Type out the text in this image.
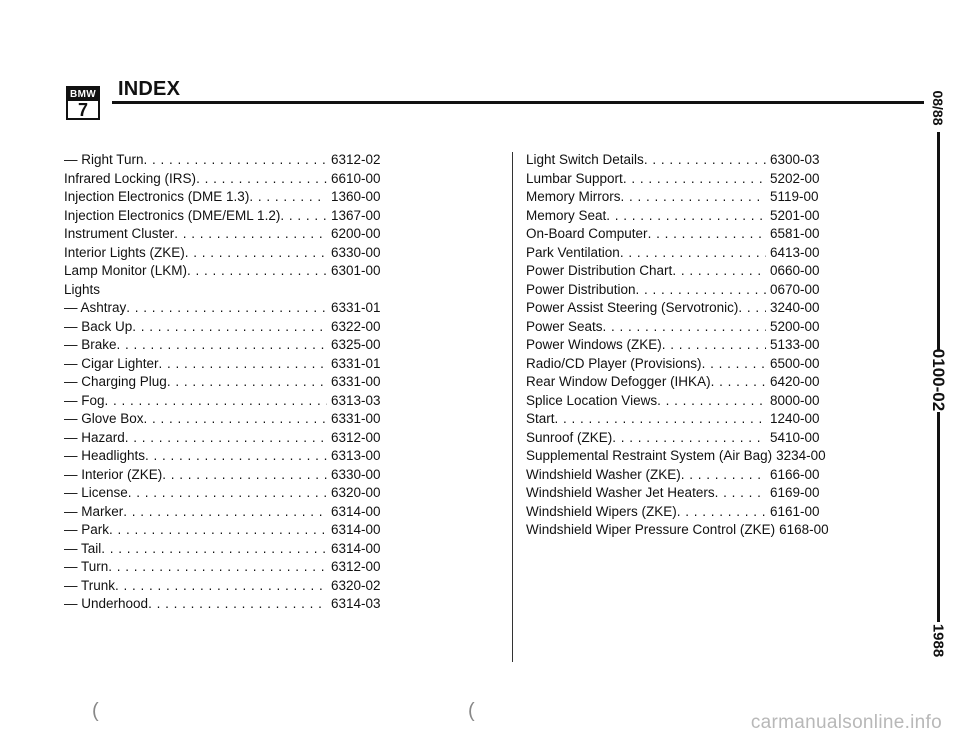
BMW
7
INDEX
— Right Turn . . .	6312-02
Infrared Locking (IRS) . . .	6610-00
Injection Electronics (DME 1.3) . . .	1360-00
Injection Electronics (DME/EML 1.2) . . .	1367-00
Instrument Cluster . . .	6200-00
Interior Lights (ZKE) . . .	6330-00
Lamp Monitor (LKM) . . .	6301-00
Lights
— Ashtray . . .	6331-01
— Back Up . . .	6322-00
— Brake . . .	6325-00
— Cigar Lighter . . .	6331-01
— Charging Plug . . .	6331-00
— Fog . . .	6313-03
— Glove Box . . .	6331-00
— Hazard . . .	6312-00
— Headlights . . .	6313-00
— Interior (ZKE) . . .	6330-00
— License . . .	6320-00
— Marker . . .	6314-00
— Park . . .	6314-00
— Tail . . .	6314-00
— Turn . . .	6312-00
— Trunk . . .	6320-02
— Underhood . . .	6314-03
Light Switch Details . . .	6300-03
Lumbar Support . . .	5202-00
Memory Mirrors . . .	5119-00
Memory Seat . . .	5201-00
On-Board Computer . . .	6581-00
Park Ventilation . . .	6413-00
Power Distribution Chart . . .	0660-00
Power Distribution . . .	0670-00
Power Assist Steering (Servotronic) . . . 3240-00
Power Seats . . .	5200-00
Power Windows (ZKE) . . .	5133-00
Radio/CD Player (Provisions) . . .	6500-00
Rear Window Defogger (IHKA) . . .	6420-00
Splice Location Views . . .	8000-00
Start . . .	1240-00
Sunroof (ZKE) . . .	5410-00
Supplemental Restraint System (Air Bag) 3234-00
Windshield Washer (ZKE) . . .	6166-00
Windshield Washer Jet Heaters . . .	6169-00
Windshield Wipers (ZKE) . . .	6161-00
Windshield Wiper Pressure Control (ZKE) 6168-00
08/88
0100-02
1988
(	(
carmanualsonline.info
